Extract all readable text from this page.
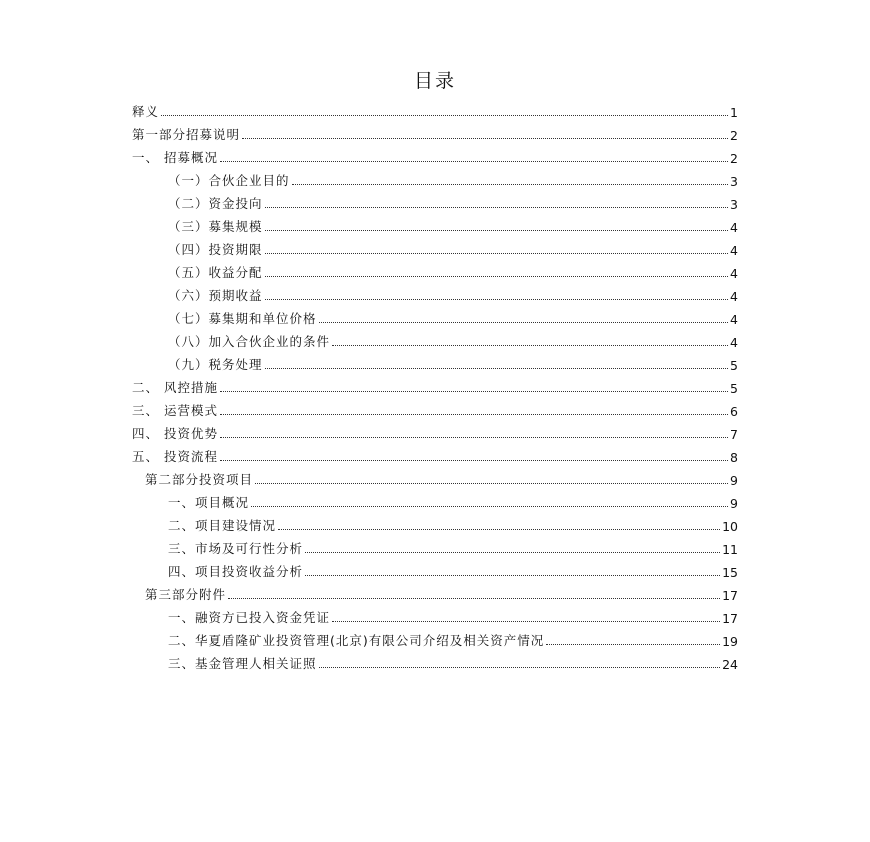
目录
释义	1
第一部分招募说明	2
一、 招募概况	2
（一）合伙企业目的	3
（二）资金投向	3
（三）募集规模	4
（四）投资期限	4
（五）收益分配	4
（六）预期收益	4
（七）募集期和单位价格	4
（八）加入合伙企业的条件	4
（九）税务处理	5
二、 风控措施	5
三、 运营模式	6
四、 投资优势	7
五、 投资流程	8
第二部分投资项目	9
一、项目概况	9
二、项目建设情况	10
三、市场及可行性分析	11
四、项目投资收益分析	15
第三部分附件	17
一、融资方已投入资金凭证	17
二、华夏盾隆矿业投资管理(北京)有限公司介绍及相关资产情况	19
三、基金管理人相关证照	24
